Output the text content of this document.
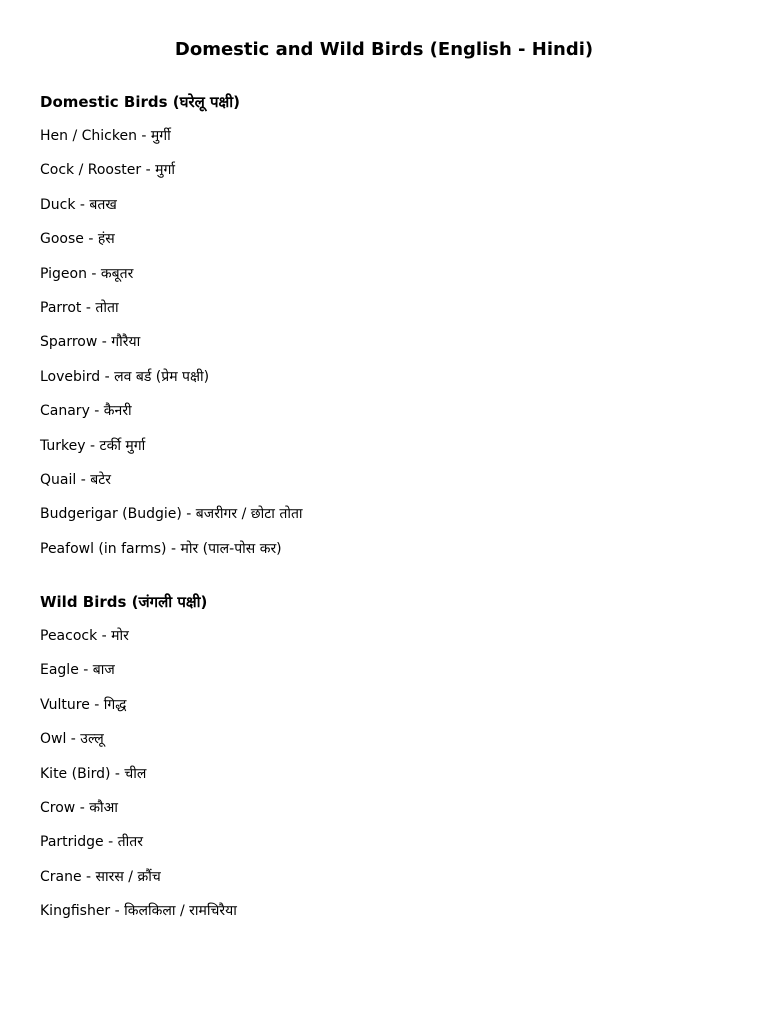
Domestic and Wild Birds (English - Hindi)
Domestic Birds (घरेलू पक्षी)
Hen / Chicken - मुर्गी
Cock / Rooster - मुर्गा
Duck - बतख
Goose - हंस
Pigeon - कबूतर
Parrot - तोता
Sparrow - गौरैया
Lovebird - लव बर्ड (प्रेम पक्षी)
Canary - कैनरी
Turkey - टर्की मुर्गा
Quail - बटेर
Budgerigar (Budgie) - बजरीगर / छोटा तोता
Peafowl (in farms) - मोर (पाल-पोस कर)
Wild Birds (जंगली पक्षी)
Peacock - मोर
Eagle - बाज
Vulture - गिद्ध
Owl - उल्लू
Kite (Bird) - चील
Crow - कौआ
Partridge - तीतर
Crane - सारस / क्रौंच
Kingfisher - किलकिला / रामचिरैया
